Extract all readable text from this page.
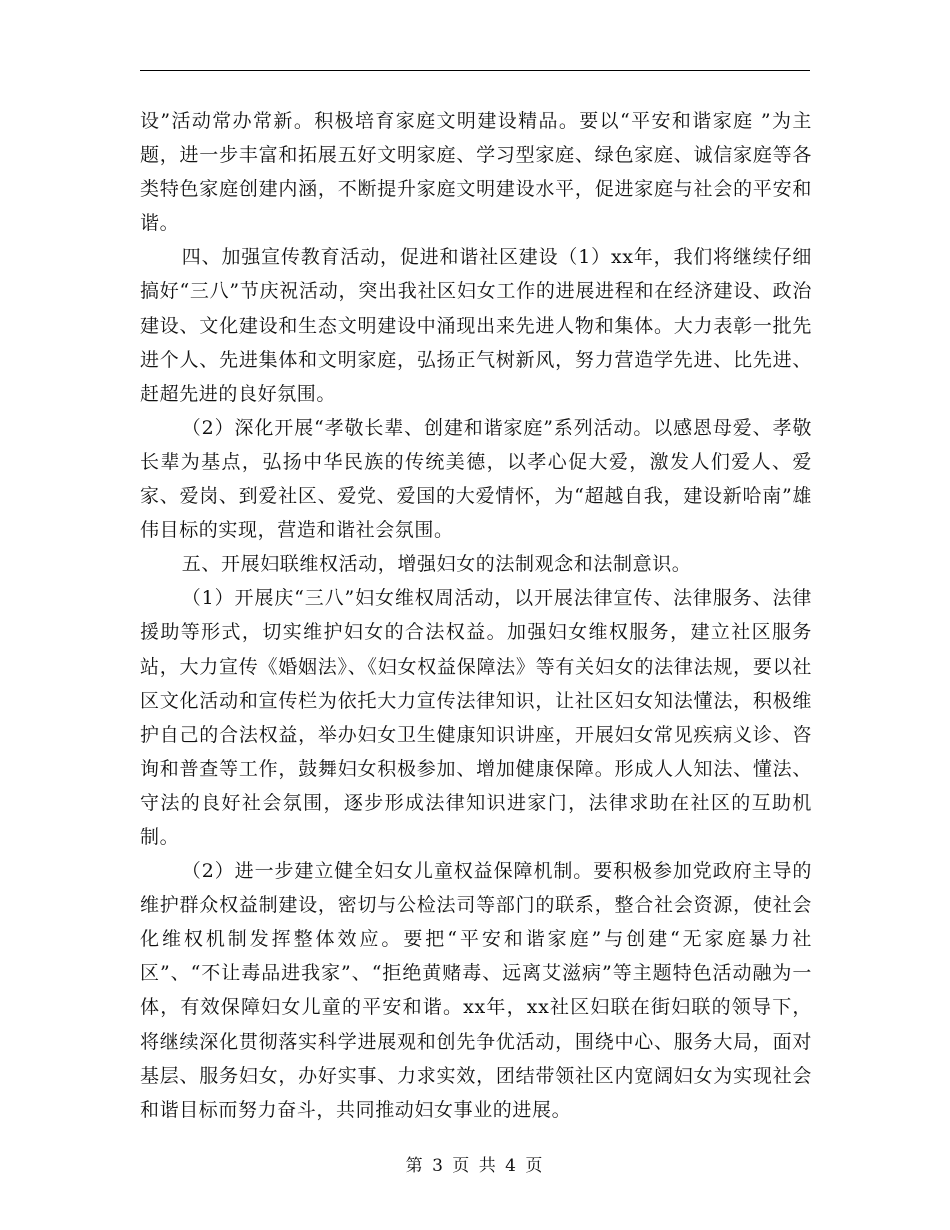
设”活动常办常新。积极培育家庭文明建设精品。要以“平安和谐家庭 ”为主题，进一步丰富和拓展五好文明家庭、学习型家庭、绿色家庭、诚信家庭等各类特色家庭创建内涵，不断提升家庭文明建设水平，促进家庭与社会的平安和谐。

四、加强宣传教育活动，促进和谐社区建设（1）xx年，我们将继续仔细搞好“三八”节庆祝活动，突出我社区妇女工作的进展进程和在经济建设、政治建设、文化建设和生态文明建设中涌现出来先进人物和集体。大力表彰一批先进个人、先进集体和文明家庭，弘扬正气树新风，努力营造学先进、比先进、赶超先进的良好氛围。

（2）深化开展“孝敬长辈、创建和谐家庭”系列活动。以感恩母爱、孝敬长辈为基点，弘扬中华民族的传统美德，以孝心促大爱，激发人们爱人、爱家、爱岗、到爱社区、爱党、爱国的大爱情怀，为“超越自我，建设新哈南”雄伟目标的实现，营造和谐社会氛围。

五、开展妇联维权活动，增强妇女的法制观念和法制意识。

（1）开展庆“三八”妇女维权周活动，以开展法律宣传、法律服务、法律援助等形式，切实维护妇女的合法权益。加强妇女维权服务，建立社区服务站，大力宣传《婚姻法》、《妇女权益保障法》等有关妇女的法律法规，要以社区文化活动和宣传栏为依托大力宣传法律知识，让社区妇女知法懂法，积极维护自己的合法权益，举办妇女卫生健康知识讲座，开展妇女常见疾病义诊、咨询和普查等工作，鼓舞妇女积极参加、增加健康保障。形成人人知法、懂法、守法的良好社会氛围，逐步形成法律知识进家门，法律求助在社区的互助机制。

（2）进一步建立健全妇女儿童权益保障机制。要积极参加党政府主导的维护群众权益制建设，密切与公检法司等部门的联系，整合社会资源，使社会化维权机制发挥整体效应。要把“平安和谐家庭”与创建“无家庭暴力社区”、“不让毒品进我家”、“拒绝黄赌毒、远离艾滋病”等主题特色活动融为一体，有效保障妇女儿童的平安和谐。xx年，xx社区妇联在街妇联的领导下，将继续深化贯彻落实科学进展观和创先争优活动，围绕中心、服务大局，面对基层、服务妇女，办好实事、力求实效，团结带领社区内宽阔妇女为实现社会和谐目标而努力奋斗，共同推动妇女事业的进展。

第 3 页 共 4 页
